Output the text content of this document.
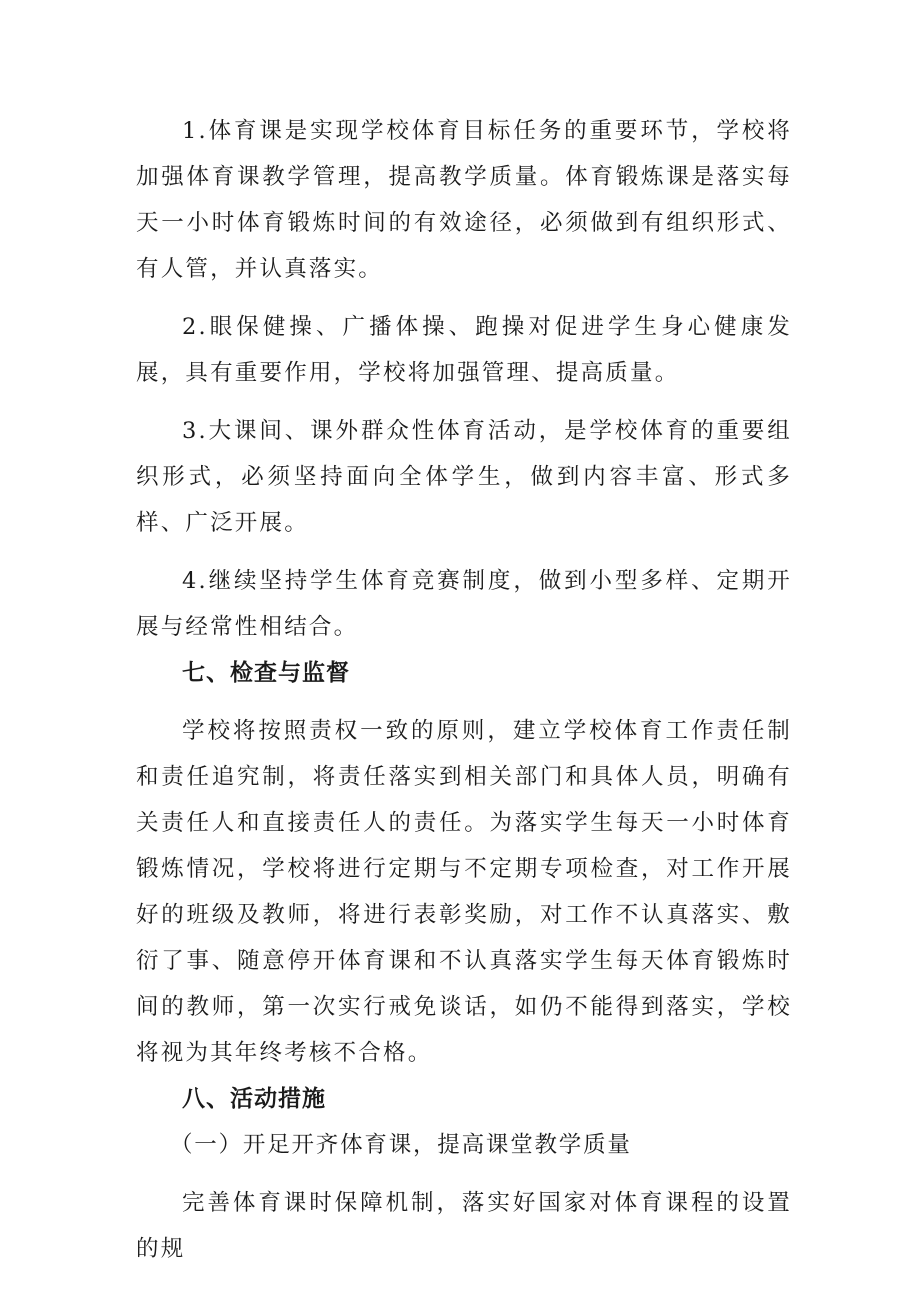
1.体育课是实现学校体育目标任务的重要环节，学校将加强体育课教学管理，提高教学质量。体育锻炼课是落实每天一小时体育锻炼时间的有效途径，必须做到有组织形式、有人管，并认真落实。

2.眼保健操、广播体操、跑操对促进学生身心健康发展，具有重要作用，学校将加强管理、提高质量。

3.大课间、课外群众性体育活动，是学校体育的重要组织形式，必须坚持面向全体学生，做到内容丰富、形式多样、广泛开展。

4.继续坚持学生体育竞赛制度，做到小型多样、定期开展与经常性相结合。

七、检查与监督

学校将按照责权一致的原则，建立学校体育工作责任制和责任追究制，将责任落实到相关部门和具体人员，明确有关责任人和直接责任人的责任。为落实学生每天一小时体育锻炼情况，学校将进行定期与不定期专项检查，对工作开展好的班级及教师，将进行表彰奖励，对工作不认真落实、敷衍了事、随意停开体育课和不认真落实学生每天体育锻炼时间的教师，第一次实行戒免谈话，如仍不能得到落实，学校将视为其年终考核不合格。

八、活动措施

（一）开足开齐体育课，提高课堂教学质量

完善体育课时保障机制，落实好国家对体育课程的设置的规
